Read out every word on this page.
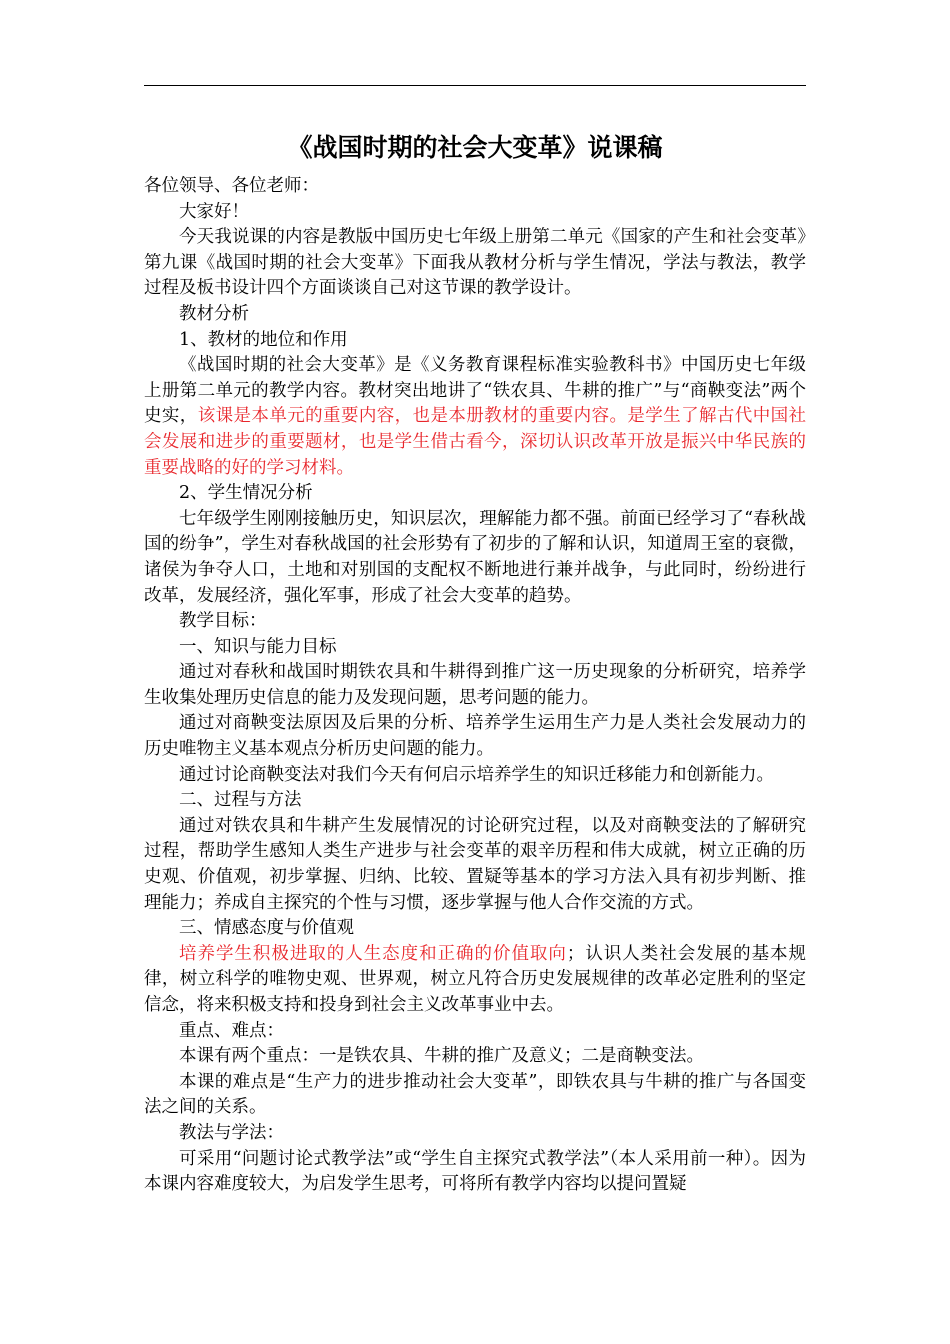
《战国时期的社会大变革》说课稿

各位领导、各位老师：

大家好！

今天我说课的内容是教版中国历史七年级上册第二单元《国家的产生和社会变革》第九课《战国时期的社会大变革》下面我从教材分析与学生情况，学法与教法，教学过程及板书设计四个方面谈谈自己对这节课的教学设计。

教材分析

1、教材的地位和作用

《战国时期的社会大变革》是《义务教育课程标准实验教科书》中国历史七年级上册第二单元的教学内容。教材突出地讲了“铁农具、牛耕的推广”与“商鞅变法”两个史实，该课是本单元的重要内容，也是本册教材的重要内容。是学生了解古代中国社会发展和进步的重要题材，也是学生借古看今，深切认识改革开放是振兴中华民族的重要战略的好的学习材料。

2、学生情况分析

七年级学生刚刚接触历史，知识层次，理解能力都不强。前面已经学习了“春秋战国的纷争”，学生对春秋战国的社会形势有了初步的了解和认识，知道周王室的衰微，诸侯为争夺人口，土地和对别国的支配权不断地进行兼并战争，与此同时，纷纷进行改革，发展经济，强化军事，形成了社会大变革的趋势。

教学目标：

一、知识与能力目标

通过对春秋和战国时期铁农具和牛耕得到推广这一历史现象的分析研究，培养学生收集处理历史信息的能力及发现问题，思考问题的能力。

通过对商鞅变法原因及后果的分析、培养学生运用生产力是人类社会发展动力的历史唯物主义基本观点分析历史问题的能力。

通过讨论商鞅变法对我们今天有何启示培养学生的知识迁移能力和创新能力。

二、过程与方法

通过对铁农具和牛耕产生发展情况的讨论研究过程，以及对商鞅变法的了解研究过程，帮助学生感知人类生产进步与社会变革的艰辛历程和伟大成就，树立正确的历史观、价值观，初步掌握、归纳、比较、置疑等基本的学习方法入具有初步判断、推理能力；养成自主探究的个性与习惯，逐步掌握与他人合作交流的方式。

三、情感态度与价值观

培养学生积极进取的人生态度和正确的价值取向；认识人类社会发展的基本规律，树立科学的唯物史观、世界观，树立凡符合历史发展规律的改革必定胜利的坚定信念，将来积极支持和投身到社会主义改革事业中去。

重点、难点：

本课有两个重点：一是铁农具、牛耕的推广及意义；二是商鞅变法。

本课的难点是“生产力的进步推动社会大变革”，即铁农具与牛耕的推广与各国变法之间的关系。

教法与学法：

可采用“问题讨论式教学法”或“学生自主探究式教学法”（本人采用前一种）。因为本课内容难度较大，为启发学生思考，可将所有教学内容均以提问置疑
